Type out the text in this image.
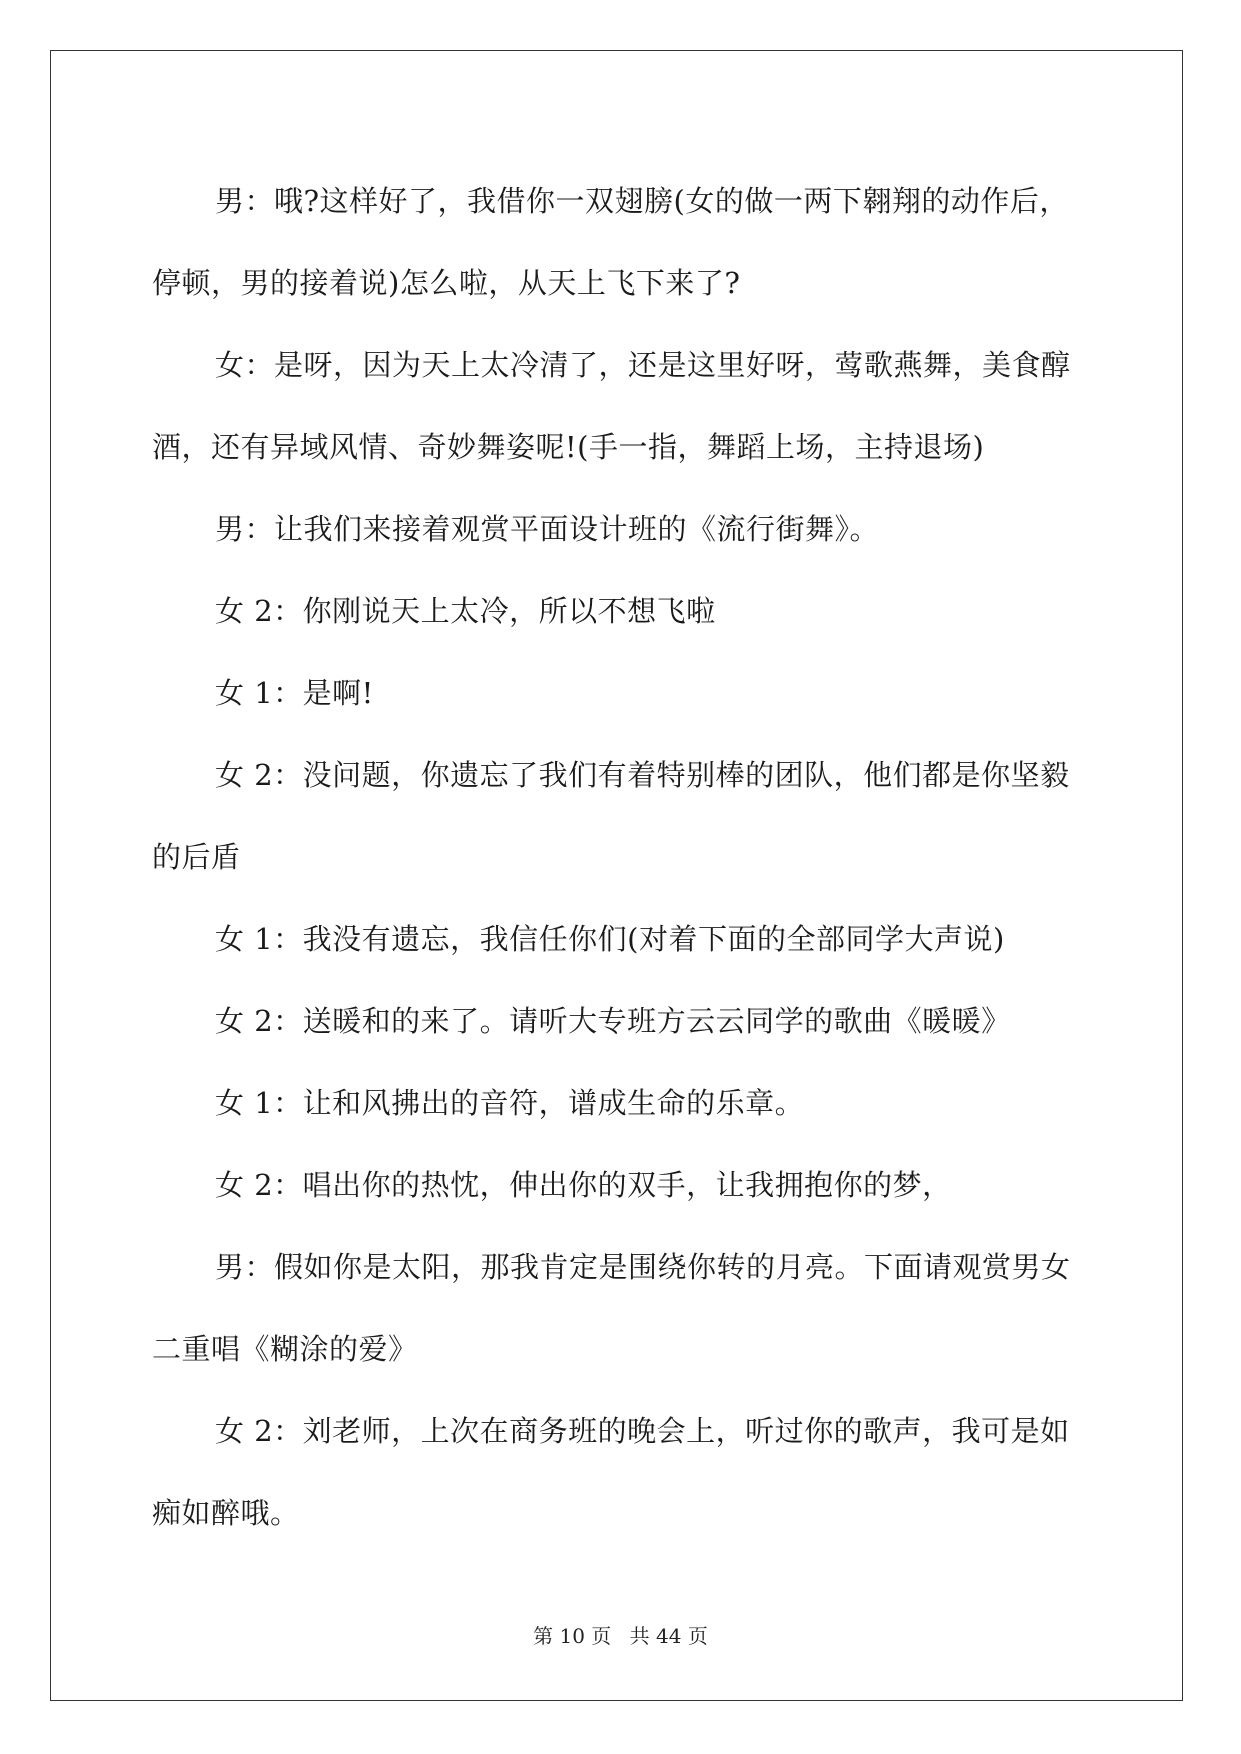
男：哦?这样好了，我借你一双翅膀(女的做一两下翱翔的动作后，停顿，男的接着说)怎么啦，从天上飞下来了?

女：是呀，因为天上太冷清了，还是这里好呀，莺歌燕舞，美食醇酒，还有异域风情、奇妙舞姿呢!(手一指，舞蹈上场，主持退场)

男：让我们来接着观赏平面设计班的《流行街舞》。

女 2：你刚说天上太冷，所以不想飞啦

女 1：是啊!

女 2：没问题，你遗忘了我们有着特别棒的团队，他们都是你坚毅的后盾

女 1：我没有遗忘，我信任你们(对着下面的全部同学大声说)

女 2：送暖和的来了。请听大专班方云云同学的歌曲《暖暖》

女 1：让和风拂出的音符，谱成生命的乐章。

女 2：唱出你的热忱，伸出你的双手，让我拥抱你的梦，

男：假如你是太阳，那我肯定是围绕你转的月亮。下面请观赏男女二重唱《糊涂的爱》

女 2：刘老师，上次在商务班的晚会上，听过你的歌声，我可是如痴如醉哦。

第 10 页 共 44 页
